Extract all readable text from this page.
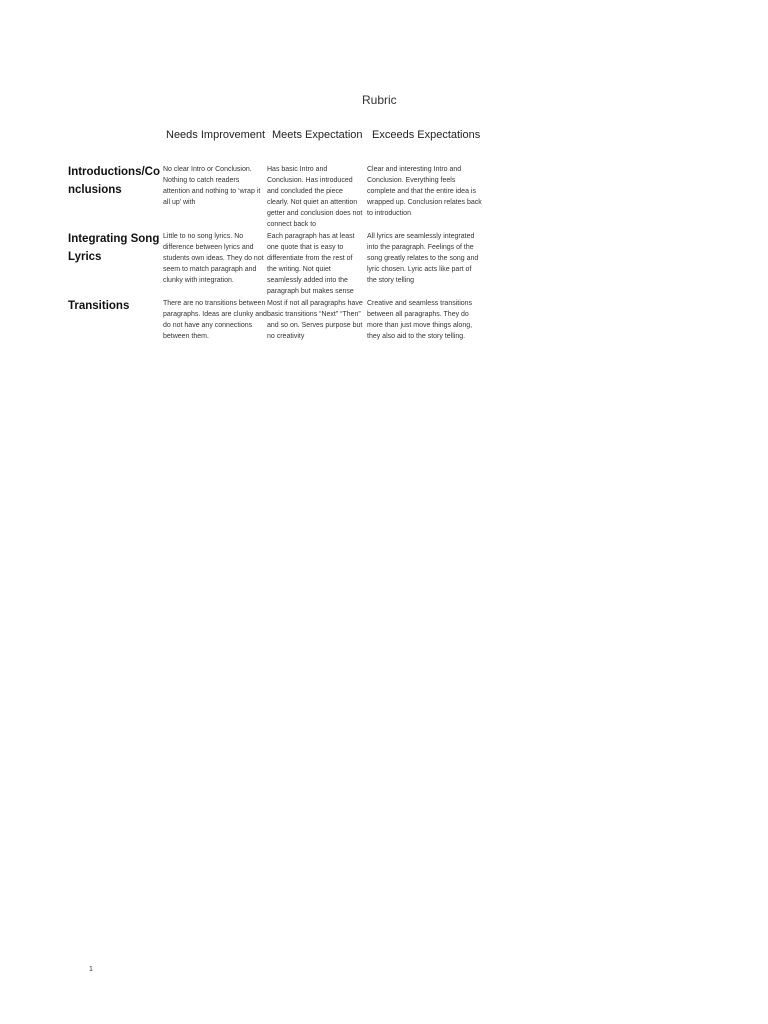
Rubric
Needs Improvement Meets Expectation Exceeds Expectations
Introductions/Conclusions
No clear Intro or Conclusion. Nothing to catch readers attention and nothing to ‘wrap it all up’ with
Has basic Intro and Conclusion. Has introduced and concluded the piece clearly. Not quiet an attention getter and conclusion does not connect back to
Clear and interesting Intro and Conclusion. Everything feels complete and that the entire idea is wrapped up. Conclusion relates back to introduction
Integrating Song Lyrics
Little to no song lyrics. No difference between lyrics and students own ideas. They do not seem to match paragraph and clunky with integration.
Each paragraph has at least one quote that is easy to differentiate from the rest of the writing. Not quiet seamlessly added into the paragraph but makes sense
All lyrics are seamlessly integrated into the paragraph. Feelings of the song greatly relates to the song and lyric chosen. Lyric acts like part of the story telling
Transitions	There are no transitions between paragraphs. Ideas are clunky and do not have any connections between them.
Most if not all paragraphs have basic transitions “Next” “Then” and so on. Serves purpose but no creativity
Creative and seamless transitions between all paragraphs. They do more than just move things along, they also aid to the story telling.
1
